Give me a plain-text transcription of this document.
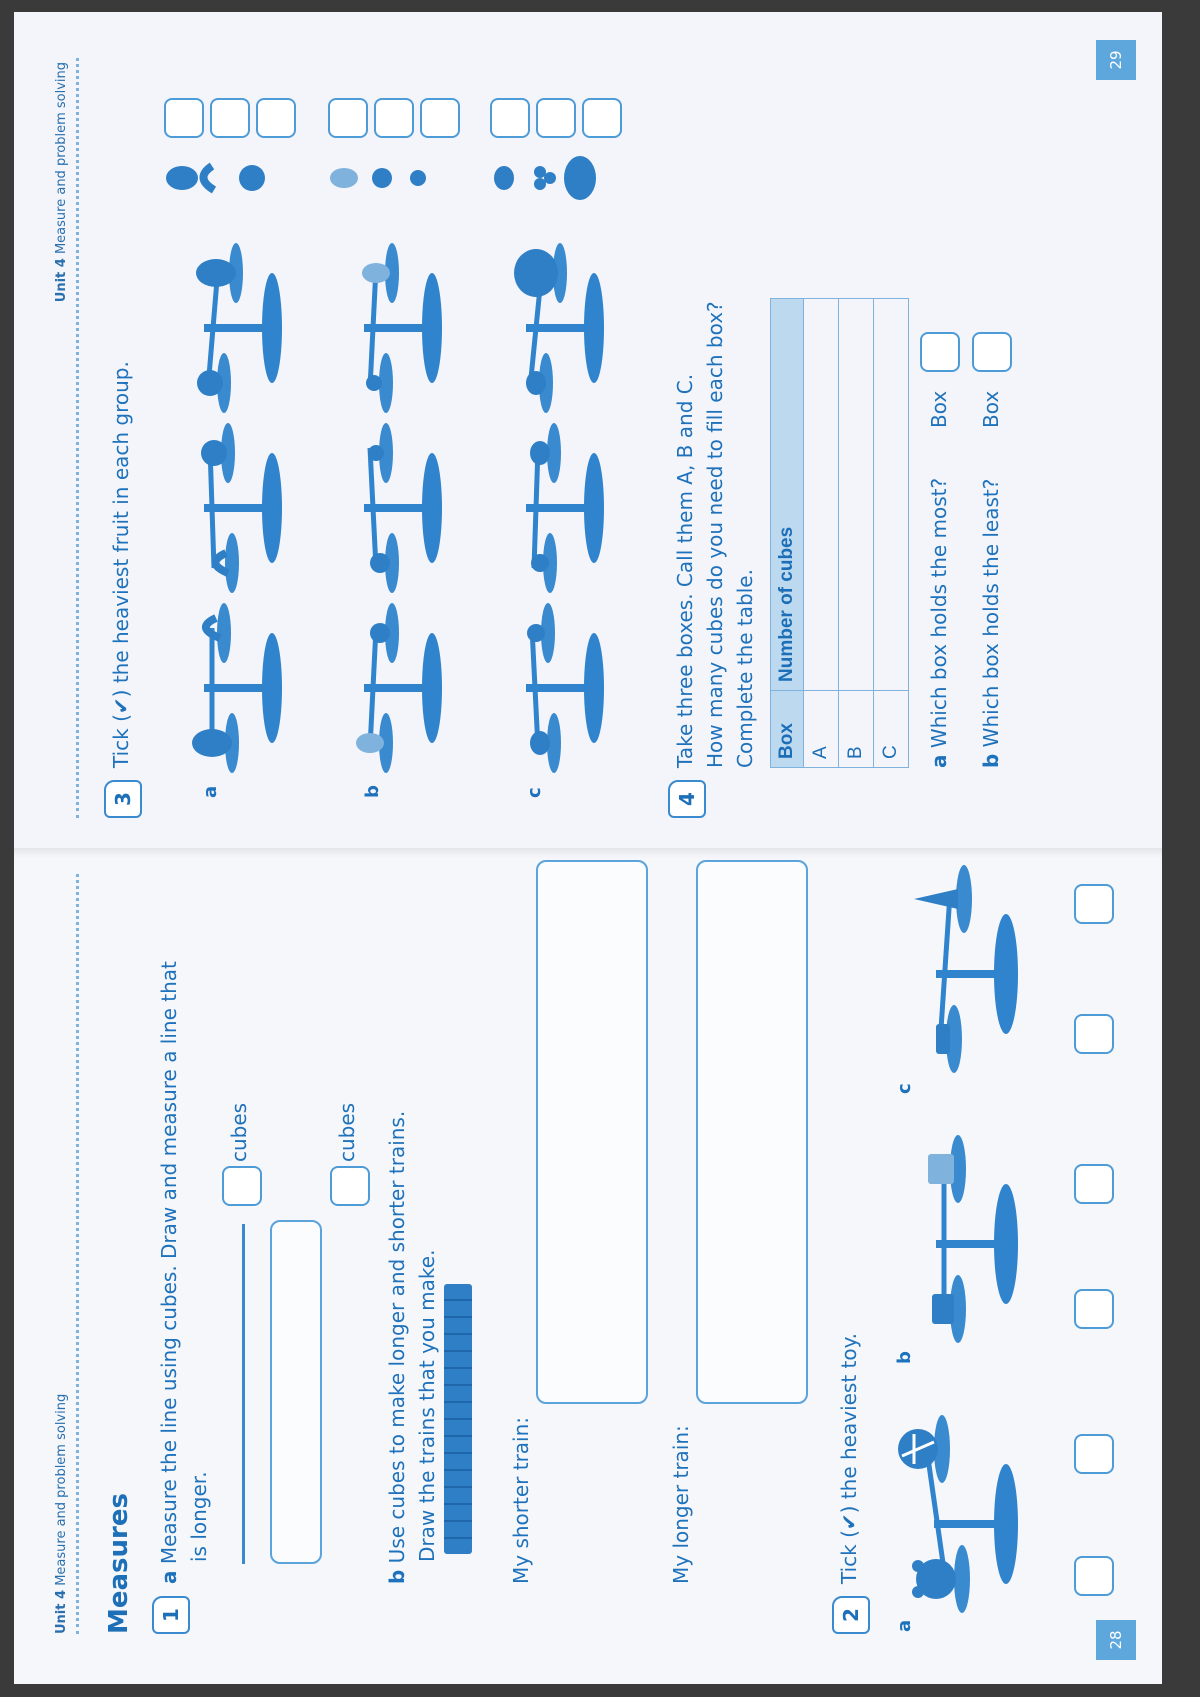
Unit 4 Measure and problem solving Measures	1
a Measure the line using cubes. Draw and measure a line that is longer.
cubes	cubes
b Use cubes to make longer and shorter trains. Draw the trains that you make.	My shorter train:	My longer train:
2
Tick (✔) the heaviest toy.
a
b
c
28
Unit 4 Measure and problem solving
3
Tick (✔) the heaviest fruit in each group.
a	b	c	4
Take three boxes. Call them A, B and C. How many cubes do you need to fill each box? Complete the table. Box	Number of cubes
A	
B	
C	
a Which box holds the most?
Box
b Which box holds the least?
Box
29
